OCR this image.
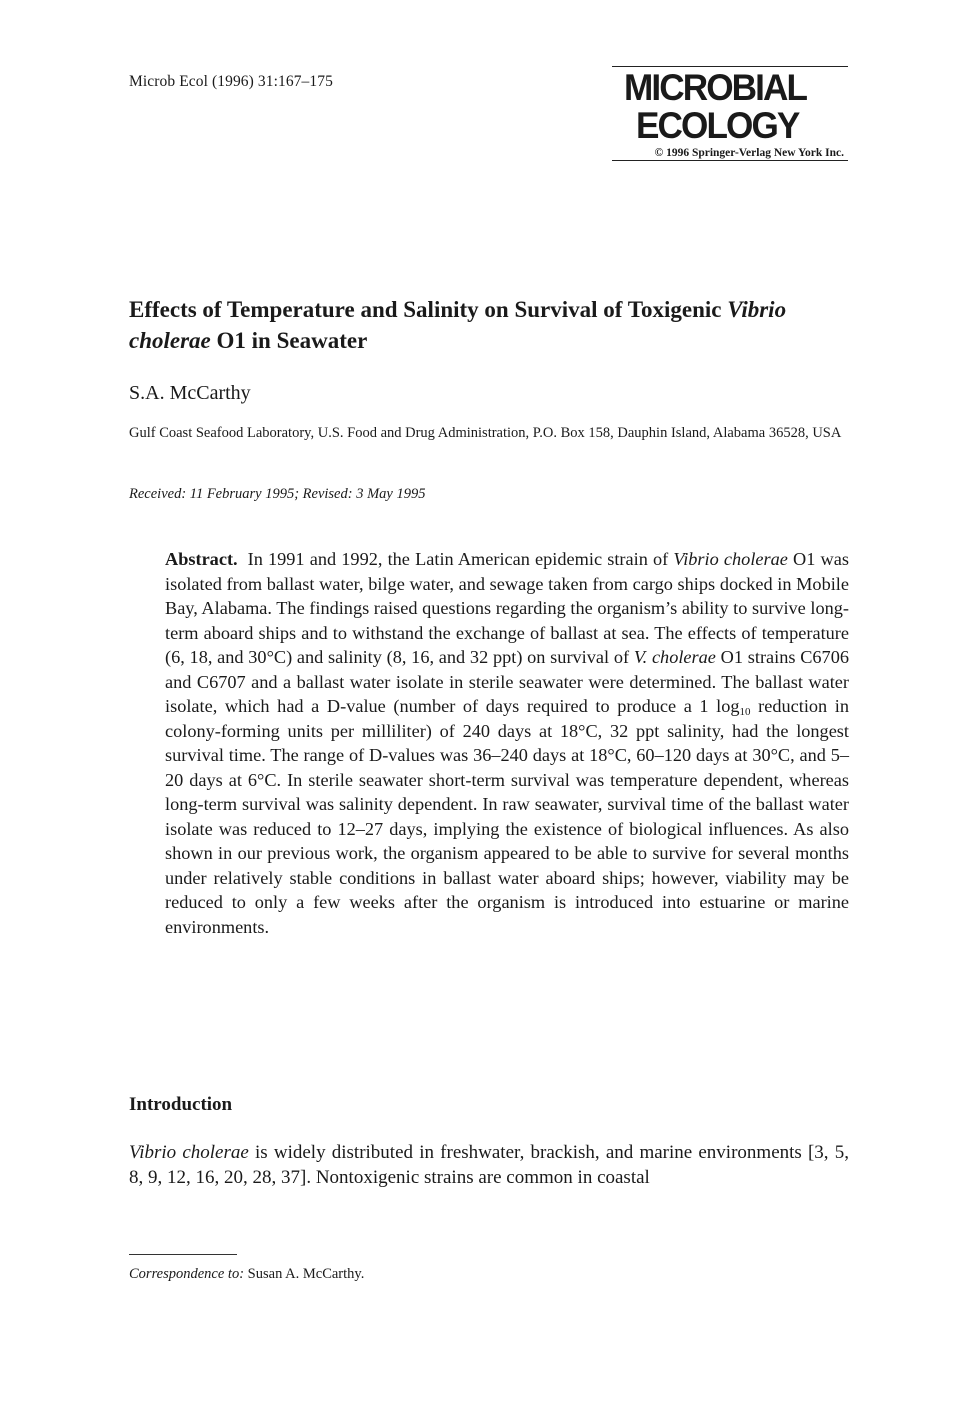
Microb Ecol (1996) 31:167–175	MICROBIAL
ECOLOGY
© 1996 Springer-Verlag New York Inc.
Effects of Temperature and Salinity on Survival of Toxigenic Vibrio cholerae O1 in Seawater
S.A. McCarthy
Gulf Coast Seafood Laboratory, U.S. Food and Drug Administration, P.O. Box 158, Dauphin Island, Alabama 36528, USA
Received: 11 February 1995; Revised: 3 May 1995
Abstract. In 1991 and 1992, the Latin American epidemic strain of Vibrio cholerae O1 was isolated from ballast water, bilge water, and sewage taken from cargo ships docked in Mobile Bay, Alabama. The findings raised questions regarding the organism’s ability to survive long-term aboard ships and to withstand the exchange of ballast at sea. The effects of temperature (6, 18, and 30°C) and salinity (8, 16, and 32 ppt) on survival of V. cholerae O1 strains C6706 and C6707 and a ballast water isolate in sterile seawater were determined. The ballast water isolate, which had a D-value (number of days required to produce a 1 $\log_{10}$ reduction in colony-forming units per milliliter) of 240 days at 18°C, 32 ppt salinity, had the longest survival time. The range of D-values was 36–240 days at 18°C, 60–120 days at 30°C, and 5–20 days at 6°C. In sterile seawater short-term survival was temperature dependent, whereas long-term survival was salinity dependent. In raw seawater, survival time of the ballast water isolate was reduced to 12–27 days, implying the existence of biological influences. As also shown in our previous work, the organism appeared to be able to survive for several months under relatively stable conditions in ballast water aboard ships; however, viability may be reduced to only a few weeks after the organism is introduced into estuarine or marine environments.
Introduction
Vibrio cholerae is widely distributed in freshwater, brackish, and marine environments [3, 5, 8, 9, 12, 16, 20, 28, 37]. Nontoxigenic strains are common in coastal
Correspondence to: Susan A. McCarthy.
